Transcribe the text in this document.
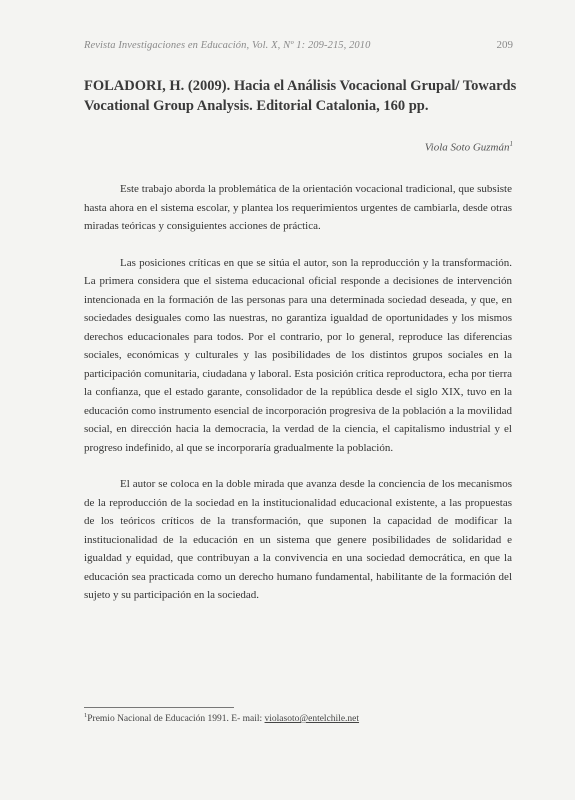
Revista Investigaciones en Educación, Vol. X, Nº 1: 209-215, 2010	209
FOLADORI, H. (2009). Hacia el Análisis Vocacional Grupal/ Towards Vocational Group Analysis. Editorial Catalonia, 160 pp.
Viola Soto Guzmán$^1$

Este trabajo aborda la problemática de la orientación vocacional tradicional, que subsiste hasta ahora en el sistema escolar, y plantea los requerimientos urgentes de cambiarla, desde otras miradas teóricas y consiguientes acciones de práctica.

Las posiciones críticas en que se sitúa el autor, son la reproducción y la transformación. La primera considera que el sistema educacional oficial responde a decisiones de intervención intencionada en la formación de las personas para una determinada sociedad deseada, y que, en sociedades desiguales como las nuestras, no garantiza igualdad de oportunidades y los mismos derechos educacionales para todos. Por el contrario, por lo general, reproduce las diferencias sociales, económicas y culturales y las posibilidades de los distintos grupos sociales en la participación comunitaria, ciudadana y laboral. Esta posición crítica reproductora, echa por tierra la confianza, que el estado garante, consolidador de la república desde el siglo XIX, tuvo en la educación como instrumento esencial de incorporación progresiva de la población a la movilidad social, en dirección hacia la democracia, la verdad de la ciencia, el capitalismo industrial y el progreso indefinido, al que se incorporaría gradualmente la población.

El autor se coloca en la doble mirada que avanza desde la conciencia de los mecanismos de la reproducción de la sociedad en la institucionalidad educacional existente, a las propuestas de los teóricos críticos de la transformación, que suponen la capacidad de modificar la institucionalidad de la educación en un sistema que genere posibilidades de solidaridad e igualdad y equidad, que contribuyan a la convivencia en una sociedad democrática, en que la educación sea practicada como un derecho humano fundamental, habilitante de la formación del sujeto y su participación en la sociedad.

$^1$Premio Nacional de Educación 1991. E- mail: violasoto@entelchile.net
